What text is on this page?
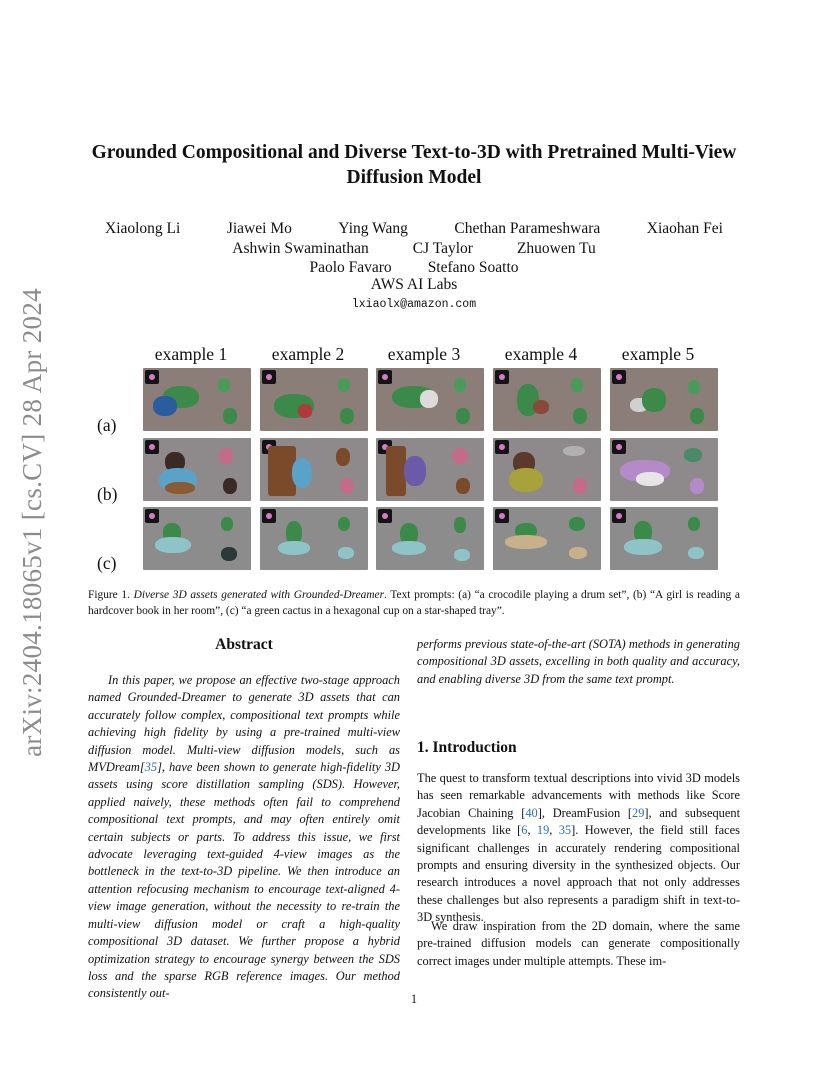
arXiv:2404.18065v1 [cs.CV] 28 Apr 2024
Grounded Compositional and Diverse Text-to-3D with Pretrained Multi-View
Diffusion Model
Xiaolong Li	Jiawei Mo	Ying Wang	Chethan Parameshwara	Xiaohan Fei
Ashwin Swaminathan	CJ Taylor	Zhuowen Tu
Paolo Favaro Stefano Soatto
AWS AI Labs
lxiaolx@amazon.com
example 1	example 2	example 3	example 4	example 5
(a)
(b)
(c)
Figure 1. Diverse 3D assets generated with Grounded-Dreamer. Text prompts: (a) “a crocodile playing a drum set”, (b) “A girl is reading a hardcover book in her room”, (c) “a green cactus in a hexagonal cup on a star-shaped tray”.
Abstract
In this paper, we propose an effective two-stage approach named Grounded-Dreamer to generate 3D assets that can accurately follow complex, compositional text prompts while achieving high fidelity by using a pre-trained multi-view diffusion model. Multi-view diffusion models, such as MVDream[35], have been shown to generate high-fidelity 3D assets using score distillation sampling (SDS). However, applied naively, these methods often fail to comprehend compositional text prompts, and may often entirely omit certain subjects or parts. To address this issue, we first advocate leveraging text-guided 4-view images as the bottleneck in the text-to-3D pipeline. We then introduce an attention refocusing mechanism to encourage text-aligned 4-view image generation, without the necessity to re-train the multi-view diffusion model or craft a high-quality compositional 3D dataset. We further propose a hybrid optimization strategy to encourage synergy between the SDS loss and the sparse RGB reference images. Our method consistently out-
performs previous state-of-the-art (SOTA) methods in generating compositional 3D assets, excelling in both quality and accuracy, and enabling diverse 3D from the same text prompt.
1. Introduction
The quest to transform textual descriptions into vivid 3D models has seen remarkable advancements with methods like Score Jacobian Chaining [40], DreamFusion [29], and subsequent developments like [6, 19, 35]. However, the field still faces significant challenges in accurately rendering compositional prompts and ensuring diversity in the synthesized objects. Our research introduces a novel approach that not only addresses these challenges but also represents a paradigm shift in text-to-3D synthesis.
We draw inspiration from the 2D domain, where the same pre-trained diffusion models can generate compositionally correct images under multiple attempts. These im-
1
